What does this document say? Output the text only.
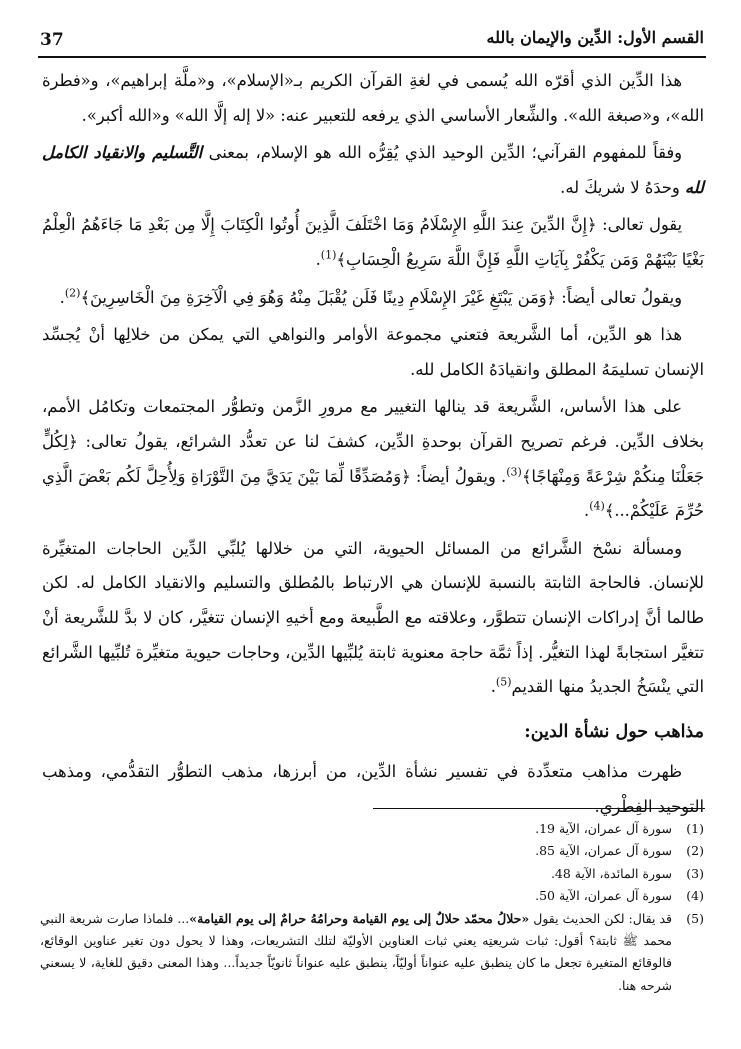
37	القسم الأول: الدِّين والإيمان بالله

هذا الدِّين الذي أقرّه الله يُسمى في لغةِ القرآن الكريم بـ«الإسلام»، و«ملَّة إبراهيم»، و«فطرة الله»، و«صبغة الله». والشِّعار الأساسي الذي يرفعه للتعبير عنه: «لا إله إلَّا الله» و«الله أكبر».

وفقاً للمفهوم القرآني؛ الدِّين الوحيد الذي يُقِرُّه الله هو الإسلام، بمعنى التَّسليم والانقياد الكامل لله وحدَهُ لا شريكَ له.

يقول تعالى: ﴿إِنَّ الدِّينَ عِندَ اللَّهِ الإِسْلَامُ وَمَا اخْتَلَفَ الَّذِينَ أُوتُوا الْكِتَابَ إِلَّا مِن بَعْدِ مَا جَاءَهُمُ الْعِلْمُ بَغْيًا بَيْنَهُمْ وَمَن يَكْفُرْ بِآيَاتِ اللَّهِ فَإِنَّ اللَّهَ سَرِيعُ الْحِسَابِ﴾$^{(1)}$.

ويقولُ تعالى أيضاً: ﴿وَمَن يَبْتَغِ غَيْرَ الإِسْلَامِ دِينًا فَلَن يُقْبَلَ مِنْهُ وَهُوَ فِي الْآخِرَةِ مِنَ الْخَاسِرِينَ﴾$^{(2)}$.

هذا هو الدِّين، أما الشَّريعة فتعني مجموعة الأوامر والنواهي التي يمكن من خلالِها أنْ يُجسِّد الإنسان تسليمَهُ المطلق وانقيادَهُ الكامل لله.

على هذا الأساس، الشَّريعة قد ينالها التغيير مع مرورِ الزَّمن وتطوُّر المجتمعات وتكامُل الأمم، بخلاف الدِّين. فرغم تصريح القرآن بوحدةِ الدِّين، كشفَ لنا عن تعدُّد الشرائع، يقولُ تعالى: ﴿لِكُلٍّ جَعَلْنَا مِنكُمْ شِرْعَةً وَمِنْهَاجًا﴾$^{(3)}$. ويقولُ أيضاً: ﴿وَمُصَدِّقًا لِّمَا بَيْنَ يَدَيَّ مِنَ التَّوْرَاةِ وَلِأُحِلَّ لَكُم بَعْضَ الَّذِي حُرِّمَ عَلَيْكُمْ...﴾$^{(4)}$.

ومسألة نسْخ الشَّرائع من المسائل الحيوية، التي من خلالها يُلبِّي الدِّين الحاجات المتغيِّرة للإنسان. فالحاجة الثابتة بالنسبة للإنسان هي الارتباط بالمُطلق والتسليم والانقياد الكامل له. لكن طالما أنَّ إدراكات الإنسان تتطوَّر، وعلاقته مع الطَّبيعة ومع أخيهِ الإنسان تتغيَّر، كان لا بدَّ للشَّريعة أنْ تتغيَّر استجابةً لهذا التغيُّر. إذاً ثمَّة حاجة معنوية ثابتة يُلبِّيها الدِّين، وحاجات حيوية متغيِّرة تُلبِّيها الشَّرائع التي ينْسَخُ الجديدُ منها القديم$^{(5)}$.

مذاهب حول نشأة الدين:

ظهرت مذاهب متعدِّدة في تفسير نشأة الدِّين، من أبرزها، مذهب التطوُّر التقدُّمي، ومذهب التوحيد الفِطْري.

(1)
سورة آل عمران، الآية 19.
(2)
سورة آل عمران، الآية 85.
(3)
سورة المائدة، الآية 48.
(4)
سورة آل عمران، الآية 50.
(5)
قد يقال: لكن الحديث يقول «حلالُ محمّد حلالٌ إلى يوم القيامة وحرامُهُ حرامٌ إلى يوم القيامة»... فلماذا صارت شريعة النبي محمد ﷺ ثابتة؟ أقول: ثبات شريعتِه يعني ثبات العناوين الأوليّة لتلك التشريعات، وهذا لا يحول دون تغير عناوين الوقائع، فالوقائع المتغيرة تجعل ما كان ينطبق عليه عنواناً أوليّاً، ينطبق عليه عنواناً ثانويّاً جديداً... وهذا المعنى دقيق للغاية، لا يسعني شرحه هنا.
